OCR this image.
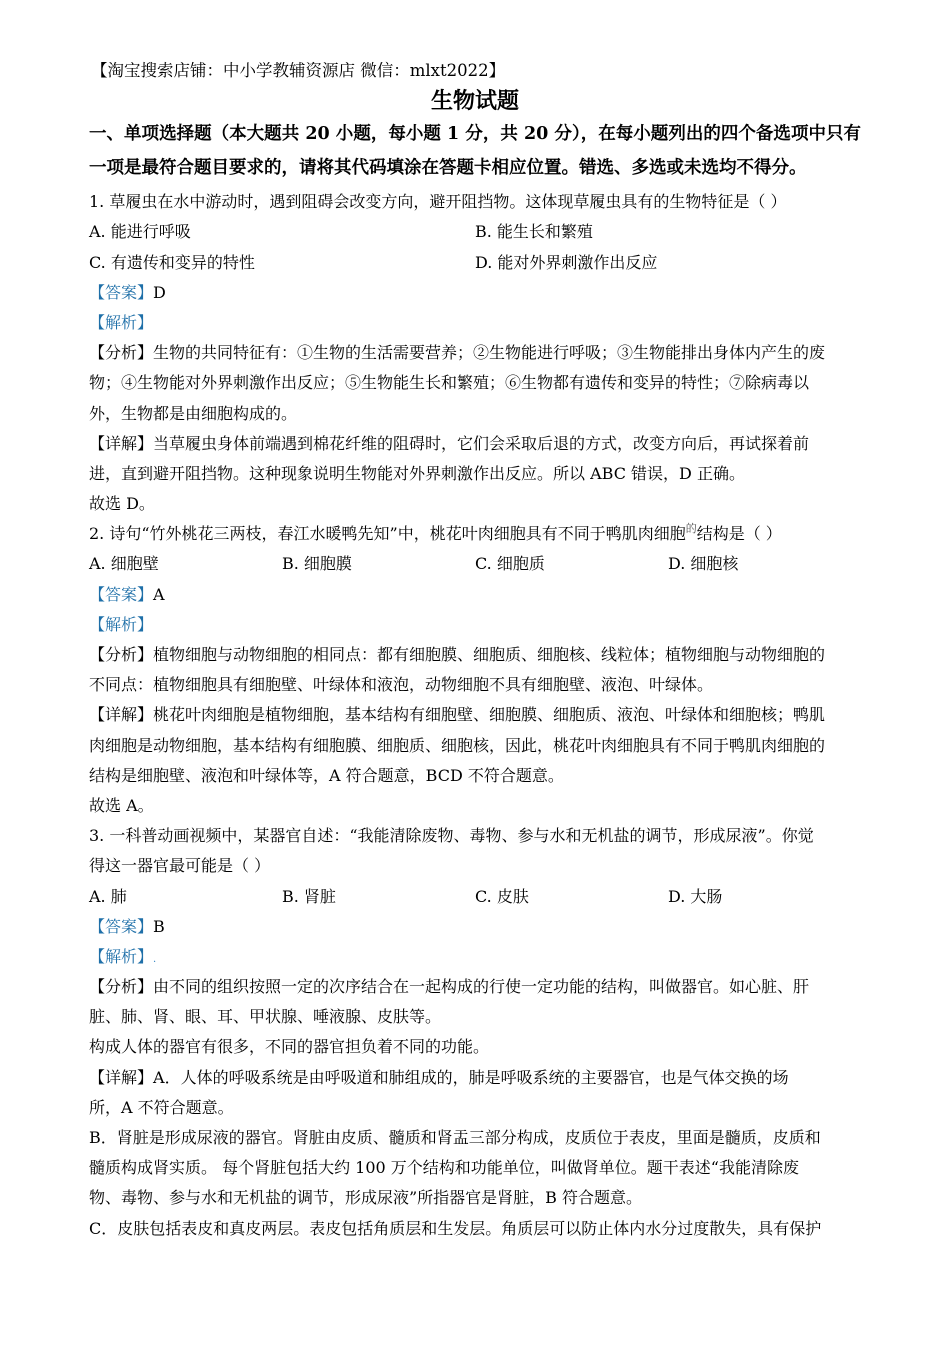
【淘宝搜索店铺：中小学教辅资源店 微信：mlxt2022】
生物试题
一、单项选择题（本大题共 20 小题，每小题 1 分，共 20 分），在每小题列出的四个备选项中只有一项是最符合题目要求的，请将其代码填涂在答题卡相应位置。错选、多选或未选均不得分。
1. 草履虫在水中游动时，遇到阻碍会改变方向，避开阻挡物。这体现草履虫具有的生物特征是（ ）
A. 能进行呼吸	B. 能生长和繁殖
C. 有遗传和变异的特性	D. 能对外界刺激作出反应
【答案】D
【解析】
【分析】生物的共同特征有：①生物的生活需要营养；②生物能进行呼吸；③生物能排出身体内产生的废
物；④生物能对外界刺激作出反应；⑤生物能生长和繁殖；⑥生物都有遗传和变异的特性；⑦除病毒以
外，生物都是由细胞构成的。
【详解】当草履虫身体前端遇到棉花纤维的阻碍时，它们会采取后退的方式，改变方向后，再试探着前
进，直到避开阻挡物。这种现象说明生物能对外界刺激作出反应。所以 ABC 错误，D 正确。
故选 D。
2. 诗句“竹外桃花三两枝，春江水暖鸭先知”中，桃花叶肉细胞具有不同于鸭肌肉细胞$^的$结构是（ ）
A. 细胞壁	B. 细胞膜	C. 细胞质	D. 细胞核
【答案】A
【解析】
【分析】植物细胞与动物细胞的相同点：都有细胞膜、细胞质、细胞核、线粒体；植物细胞与动物细胞的
不同点：植物细胞具有细胞壁、叶绿体和液泡，动物细胞不具有细胞壁、液泡、叶绿体。
【详解】桃花叶肉细胞是植物细胞，基本结构有细胞壁、细胞膜、细胞质、液泡、叶绿体和细胞核；鸭肌
肉细胞是动物细胞，基本结构有细胞膜、细胞质、细胞核，因此，桃花叶肉细胞具有不同于鸭肌肉细胞的
结构是细胞壁、液泡和叶绿体等，A 符合题意，BCD 不符合题意。
故选 A。
3. 一科普动画视频中，某器官自述：“我能清除废物、毒物、参与水和无机盐的调节，形成尿液”。你觉
得这一器官最可能是（ ）
A. 肺	B. 肾脏	C. 皮肤	D. 大肠
【答案】B
【解析】.
【分析】由不同的组织按照一定的次序结合在一起构成的行使一定功能的结构，叫做器官。如心脏、肝
脏、肺、肾、眼、耳、甲状腺、唾液腺、皮肤等。
构成人体的器官有很多，不同的器官担负着不同的功能。
【详解】A．人体的呼吸系统是由呼吸道和肺组成的，肺是呼吸系统的主要器官，也是气体交换的场
所，A 不符合题意。
B．肾脏是形成尿液的器官。肾脏由皮质、髓质和肾盂三部分构成，皮质位于表皮，里面是髓质，皮质和
髓质构成肾实质。 每个肾脏包括大约 100 万个结构和功能单位，叫做肾单位。题干表述“我能清除废
物、毒物、参与水和无机盐的调节，形成尿液”所指器官是肾脏，B 符合题意。
C．皮肤包括表皮和真皮两层。表皮包括角质层和生发层。角质层可以防止体内水分过度散失，具有保护
